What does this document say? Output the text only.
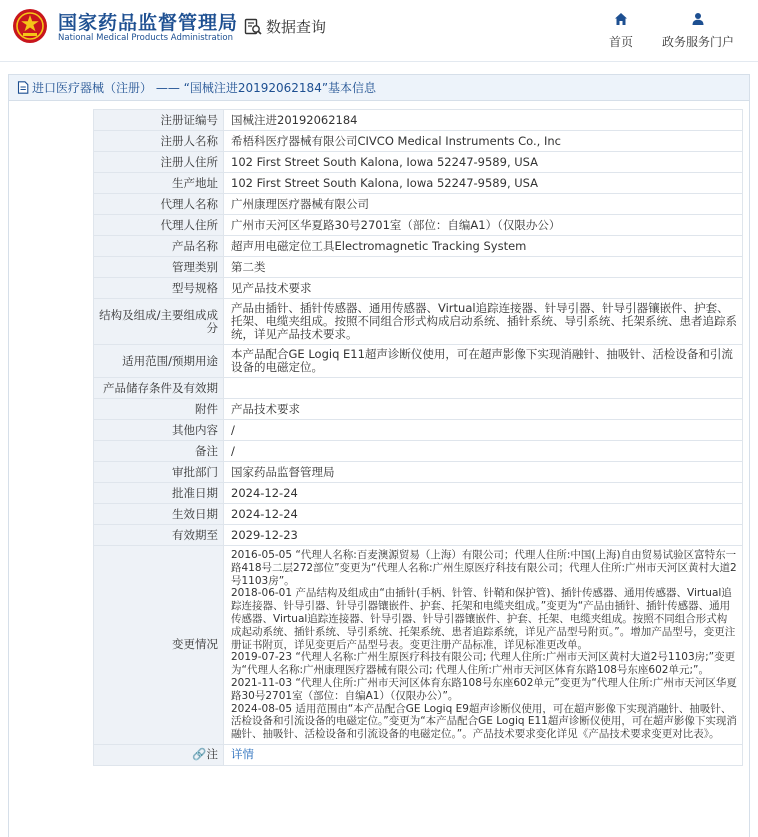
国家药品监督管理局
National Medical Products Administration
数据查询
首页	政务服务门户
进口医疗器械（注册） —— “国械注进20192062184”基本信息
注册证编号	国械注进20192062184
注册人名称	希梧科医疗器械有限公司CIVCO Medical Instruments Co., Inc
注册人住所	102 First Street South Kalona, Iowa 52247-9589, USA
生产地址	102 First Street South Kalona, Iowa 52247-9589, USA
代理人名称	广州康理医疗器械有限公司
代理人住所	广州市天河区华夏路30号2701室（部位：自编A1）（仅限办公）
产品名称	超声用电磁定位工具Electromagnetic Tracking System
管理类别	第二类
型号规格	见产品技术要求
结构及组成/主要组成成分	产品由插针、插针传感器、通用传感器、Virtual追踪连接器、针导引器、针导引器镶嵌件、护套、托架、电缆夹组成。按照不同组合形式构成启动系统、插针系统、导引系统、托架系统、患者追踪系统，详见产品技术要求。
适用范围/预期用途	本产品配合GE Logiq E11超声诊断仪使用，可在超声影像下实现消融针、抽吸针、活检设备和引流设备的电磁定位。
产品储存条件及有效期	
附件	产品技术要求
其他内容	/
备注	/
审批部门	国家药品监督管理局
批准日期	2024-12-24
生效日期	2024-12-24
有效期至	2029-12-23
变更情况	2016-05-05 “代理人名称:百麦澳源贸易（上海）有限公司；代理人住所:中国(上海)自由贸易试验区富特东一路418号二层272部位”变更为“代理人名称:广州生原医疗科技有限公司；代理人住所:广州市天河区黄村大道2号1103房”。
2018-06-01 产品结构及组成由“由插针(手柄、针管、针鞘和保护管)、插针传感器、通用传感器、Virtual追踪连接器、针导引器、针导引器镶嵌件、护套、托架和电缆夹组成。”变更为“产品由插针、插针传感器、通用传感器、Virtual追踪连接器、针导引器、针导引器镶嵌件、护套、托架、电缆夹组成。按照不同组合形式构成起动系统、插针系统、导引系统、托架系统、患者追踪系统，详见产品型号附页。”。增加产品型号，变更注册证书附页，详见变更后产品型号表。变更注册产品标准，详见标准更改单。
2019-07-23 “代理人名称:广州生原医疗科技有限公司; 代理人住所:广州市天河区黄村大道2号1103房;”变更为“代理人名称:广州康理医疗器械有限公司; 代理人住所:广州市天河区体育东路108号东座602单元;”。
2021-11-03 “代理人住所:广州市天河区体育东路108号东座602单元”变更为“代理人住所:广州市天河区华夏路30号2701室（部位：自编A1）（仅限办公）”。
2024-08-05 适用范围由“本产品配合GE Logiq E9超声诊断仪使用，可在超声影像下实现消融针、抽吸针、活检设备和引流设备的电磁定位。”变更为“本产品配合GE Logiq E11超声诊断仪使用，可在超声影像下实现消融针、抽吸针、活检设备和引流设备的电磁定位。”。产品技术要求变化详见《产品技术要求变更对比表》。
🔗注	详情
